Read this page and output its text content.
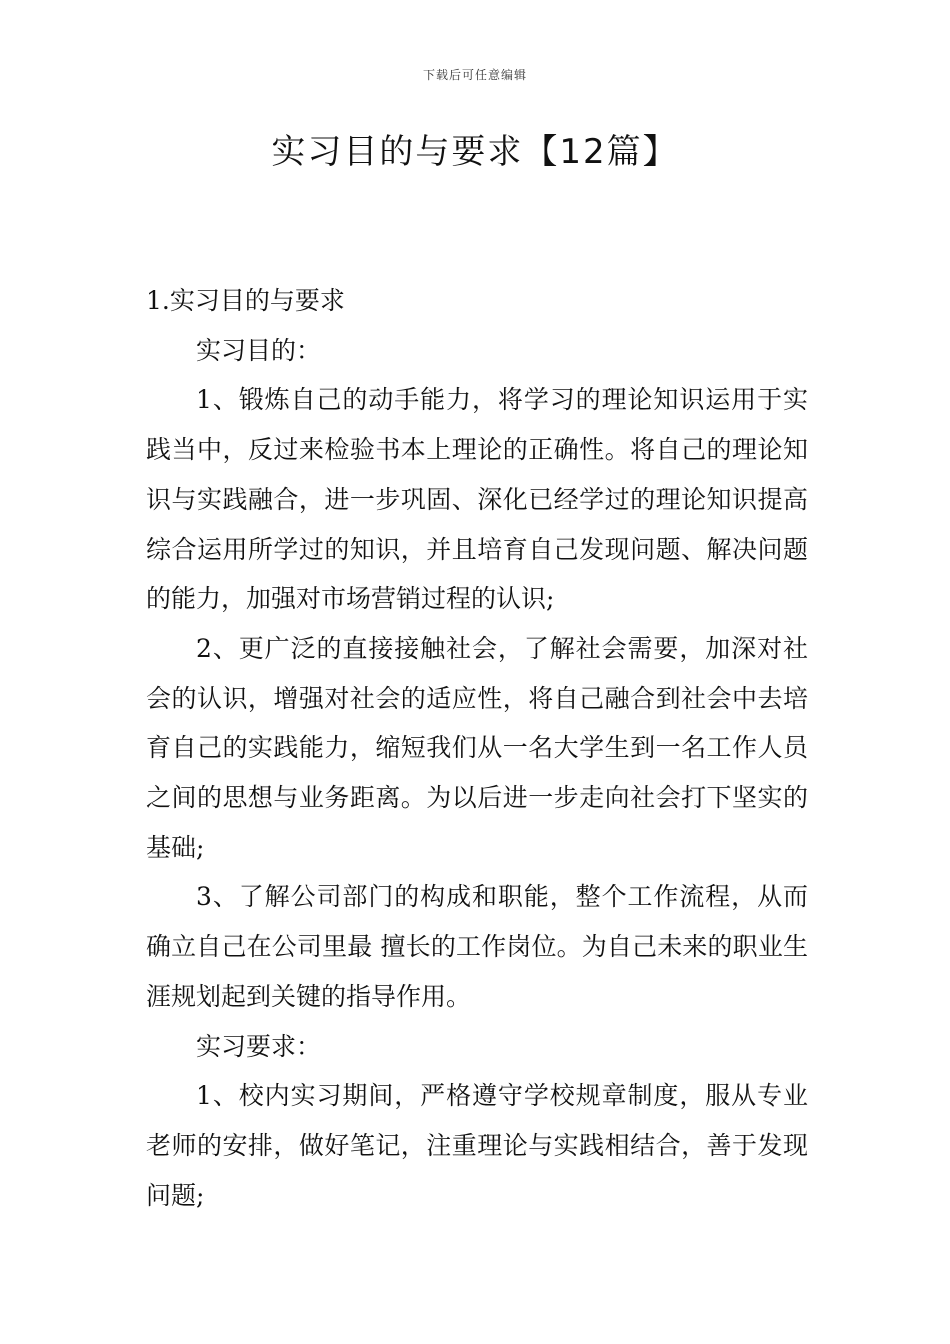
下载后可任意编辑
实习目的与要求【12篇】

1.实习目的与要求

实习目的：

1、锻炼自己的动手能力，将学习的理论知识运用于实践当中，反过来检验书本上理论的正确性。将自己的理论知识与实践融合，进一步巩固、深化已经学过的理论知识提高综合运用所学过的知识，并且培育自己发现问题、解决问题的能力，加强对市场营销过程的认识;

2、更广泛的直接接触社会，了解社会需要，加深对社会的认识，增强对社会的适应性，将自己融合到社会中去培育自己的实践能力，缩短我们从一名大学生到一名工作人员之间的思想与业务距离。为以后进一步走向社会打下坚实的基础;

3、了解公司部门的构成和职能，整个工作流程，从而确立自己在公司里最 擅长的工作岗位。为自己未来的职业生涯规划起到关键的指导作用。

实习要求：

1、校内实习期间，严格遵守学校规章制度，服从专业老师的安排，做好笔记，注重理论与实践相结合，善于发现问题;
